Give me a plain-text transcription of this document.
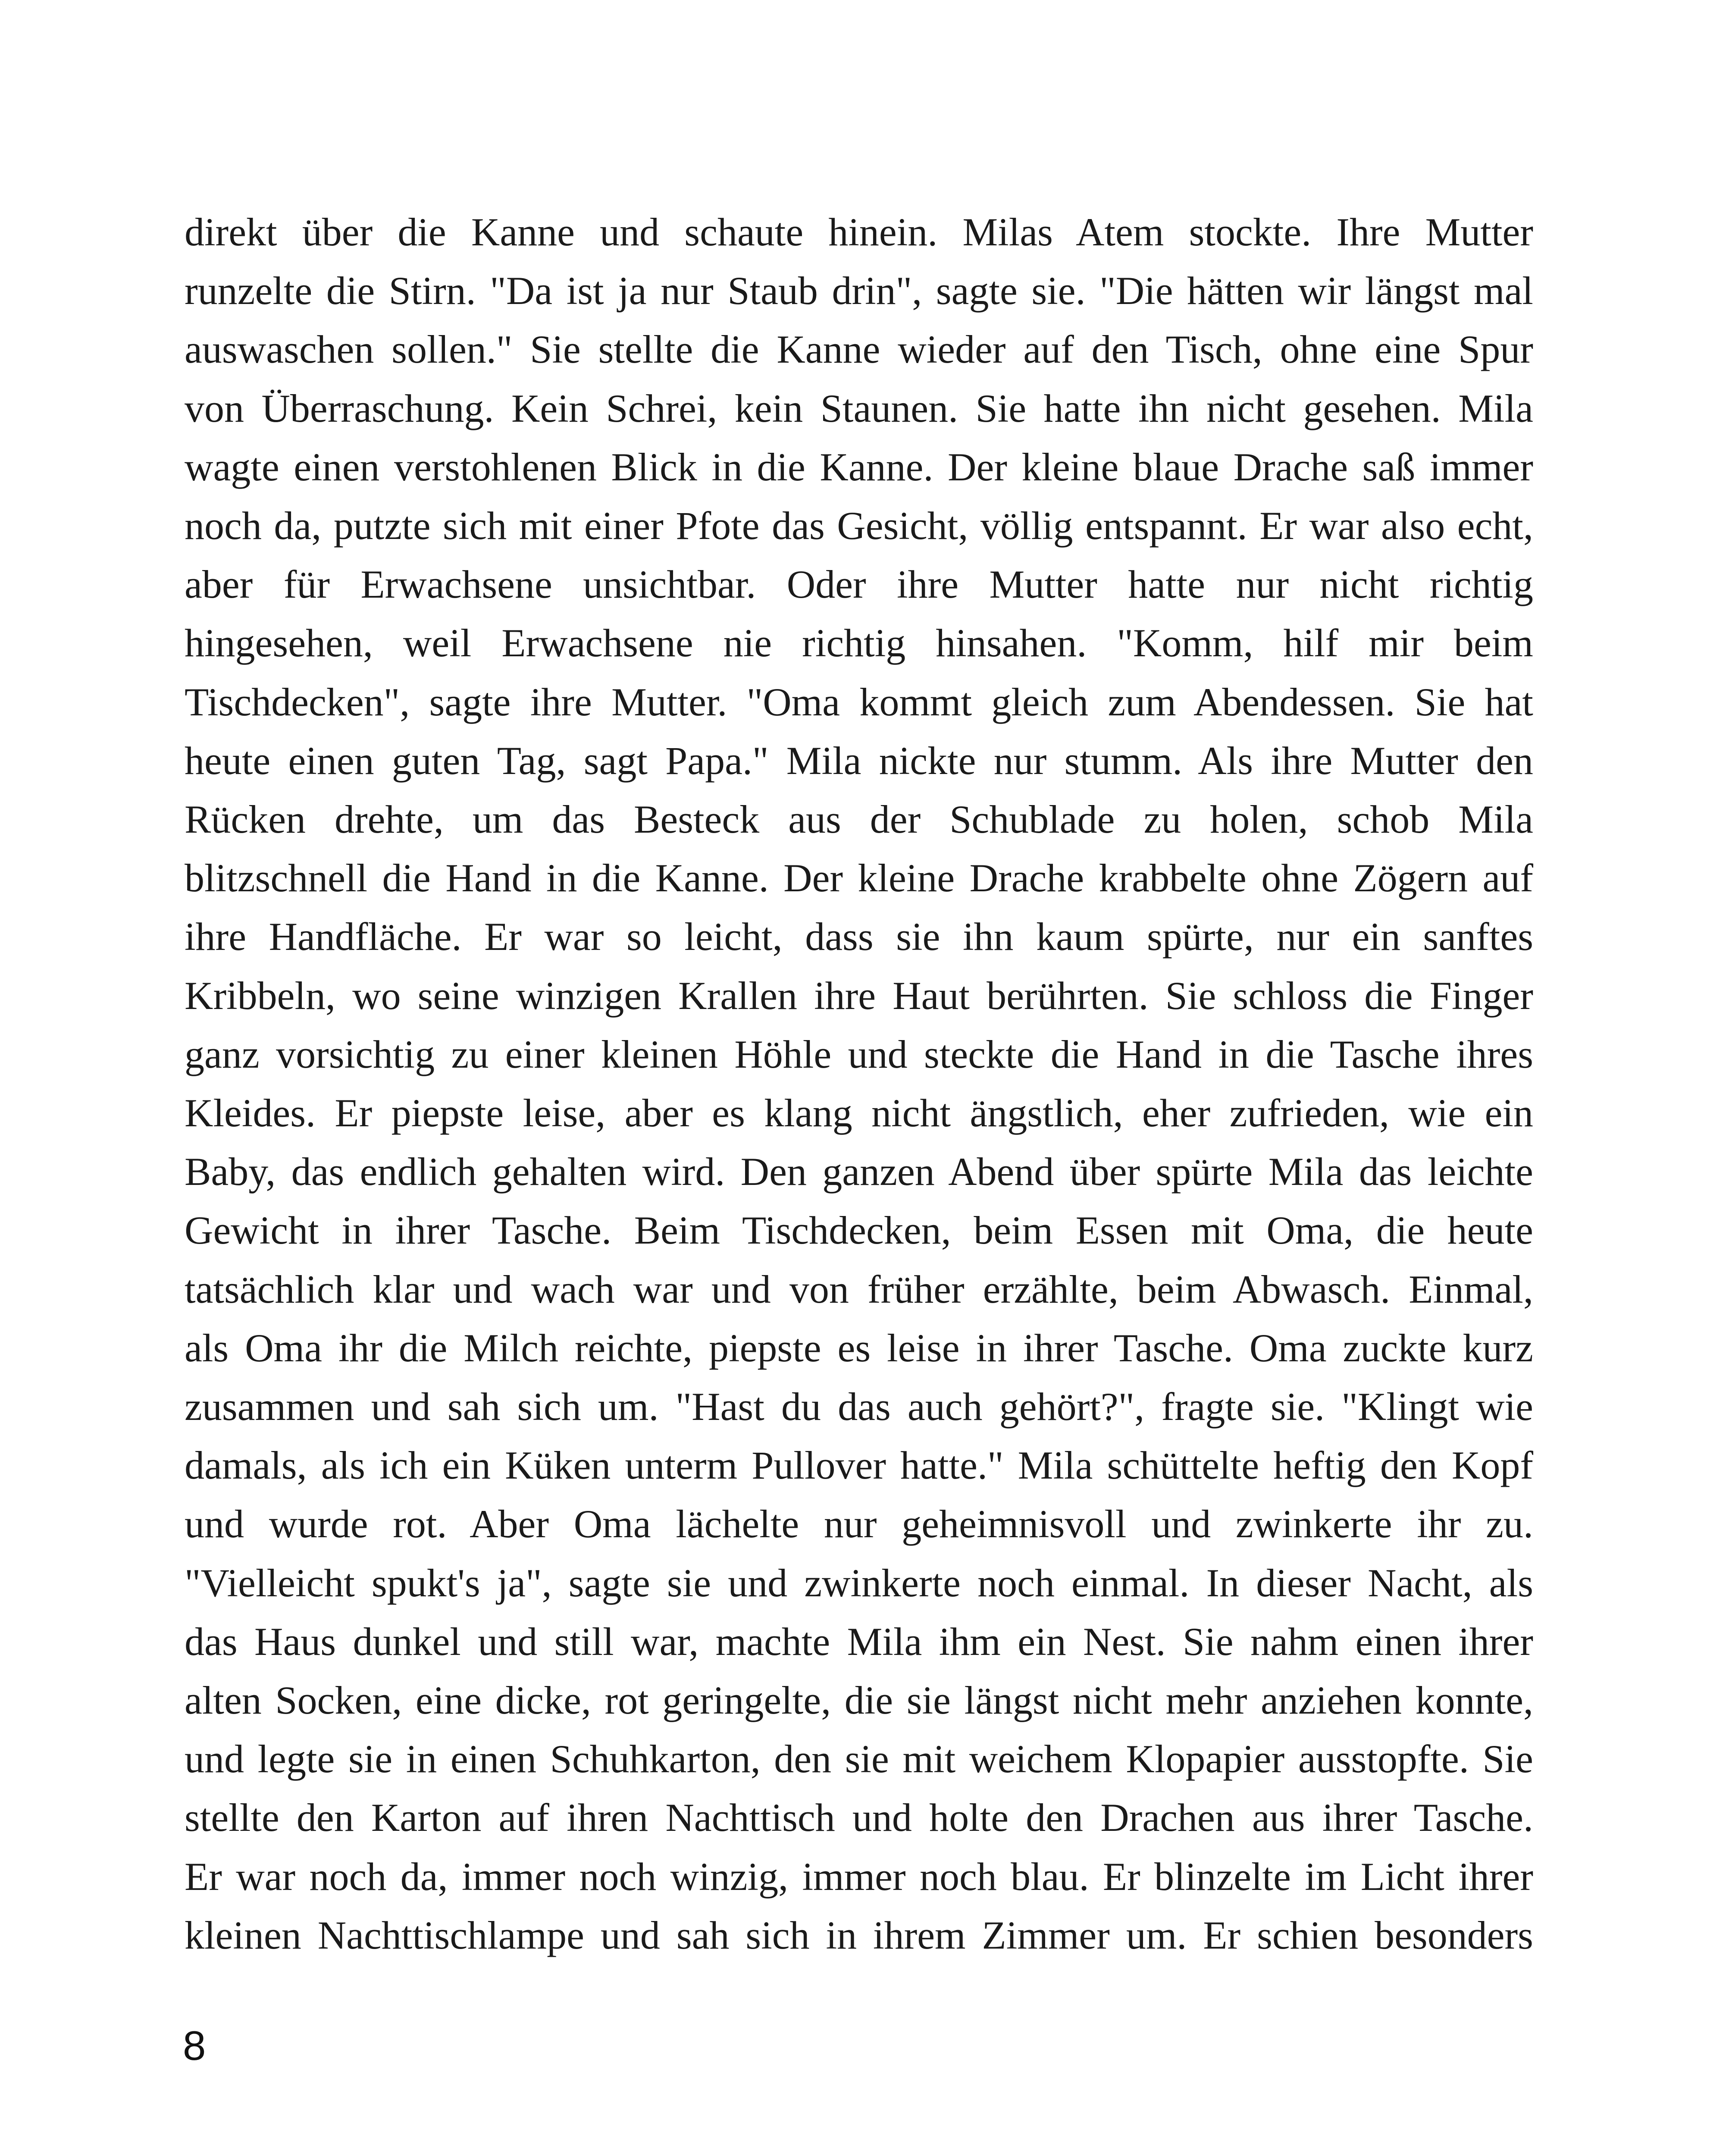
direkt über die Kanne und schaute hinein. Milas Atem stockte. Ihre Mutter
runzelte die Stirn. "Da ist ja nur Staub drin", sagte sie. "Die hätten wir längst mal
auswaschen sollen." Sie stellte die Kanne wieder auf den Tisch, ohne eine Spur
von Überraschung. Kein Schrei, kein Staunen. Sie hatte ihn nicht gesehen. Mila
wagte einen verstohlenen Blick in die Kanne. Der kleine blaue Drache saß immer
noch da, putzte sich mit einer Pfote das Gesicht, völlig entspannt. Er war also echt,
aber für Erwachsene unsichtbar. Oder ihre Mutter hatte nur nicht richtig
hingesehen, weil Erwachsene nie richtig hinsahen. "Komm, hilf mir beim
Tischdecken", sagte ihre Mutter. "Oma kommt gleich zum Abendessen. Sie hat
heute einen guten Tag, sagt Papa." Mila nickte nur stumm. Als ihre Mutter den
Rücken drehte, um das Besteck aus der Schublade zu holen, schob Mila
blitzschnell die Hand in die Kanne. Der kleine Drache krabbelte ohne Zögern auf
ihre Handfläche. Er war so leicht, dass sie ihn kaum spürte, nur ein sanftes
Kribbeln, wo seine winzigen Krallen ihre Haut berührten. Sie schloss die Finger
ganz vorsichtig zu einer kleinen Höhle und steckte die Hand in die Tasche ihres
Kleides. Er piepste leise, aber es klang nicht ängstlich, eher zufrieden, wie ein
Baby, das endlich gehalten wird. Den ganzen Abend über spürte Mila das leichte
Gewicht in ihrer Tasche. Beim Tischdecken, beim Essen mit Oma, die heute
tatsächlich klar und wach war und von früher erzählte, beim Abwasch. Einmal,
als Oma ihr die Milch reichte, piepste es leise in ihrer Tasche. Oma zuckte kurz
zusammen und sah sich um. "Hast du das auch gehört?", fragte sie. "Klingt wie
damals, als ich ein Küken unterm Pullover hatte." Mila schüttelte heftig den Kopf
und wurde rot. Aber Oma lächelte nur geheimnisvoll und zwinkerte ihr zu.
"Vielleicht spukt's ja", sagte sie und zwinkerte noch einmal. In dieser Nacht, als
das Haus dunkel und still war, machte Mila ihm ein Nest. Sie nahm einen ihrer
alten Socken, eine dicke, rot geringelte, die sie längst nicht mehr anziehen konnte,
und legte sie in einen Schuhkarton, den sie mit weichem Klopapier ausstopfte. Sie
stellte den Karton auf ihren Nachttisch und holte den Drachen aus ihrer Tasche.
Er war noch da, immer noch winzig, immer noch blau. Er blinzelte im Licht ihrer
kleinen Nachttischlampe und sah sich in ihrem Zimmer um. Er schien besonders
8
